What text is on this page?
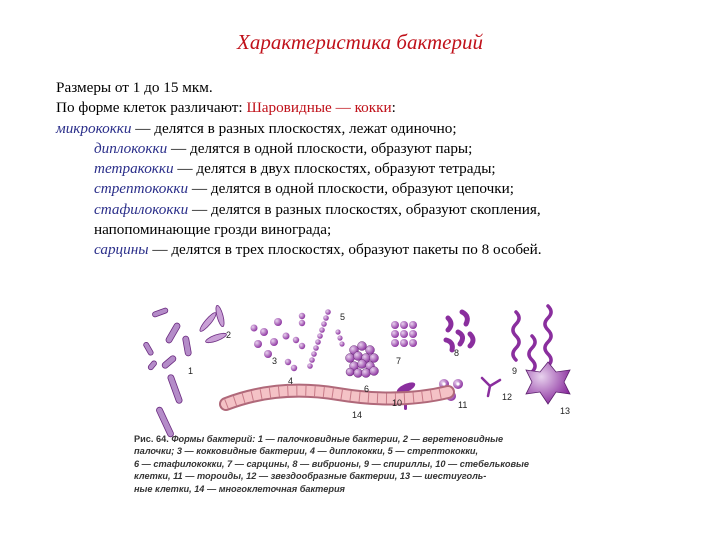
Характеристика бактерий
Размеры от 1 до 15 мкм.
По форме клеток различают: Шаровидные — кокки:
микрококки — делятся в разных плоскостях, лежат одиночно;
диплококки — делятся в одной плоскости, образуют пары;
тетракокки — делятся в двух плоскостях, образуют тетрады;
стрептококки — делятся в одной плоскости, образуют цепочки;
стафилококки — делятся в разных плоскостях, образуют скопления,
напопоминающие грозди винограда;
сарцины — делятся в трех плоскостях, образуют пакеты по 8 особей.
1
2
3
4
5
6
7
8
9
10	11
12
13
14
Рис. 64. Формы бактерий: 1 — палочковидные бактерии, 2 — веретеновидные
палочки; 3 — кокковидные бактерии, 4 — диплококки, 5 — стрептококки,
6 — стафилококки, 7 — сарцины, 8 — вибрионы, 9 — спириллы, 10 — стебельковые
клетки, 11 — тороиды, 12 — звездообразные бактерии, 13 — шестиуголь-
ные клетки, 14 — многоклеточная бактерия
